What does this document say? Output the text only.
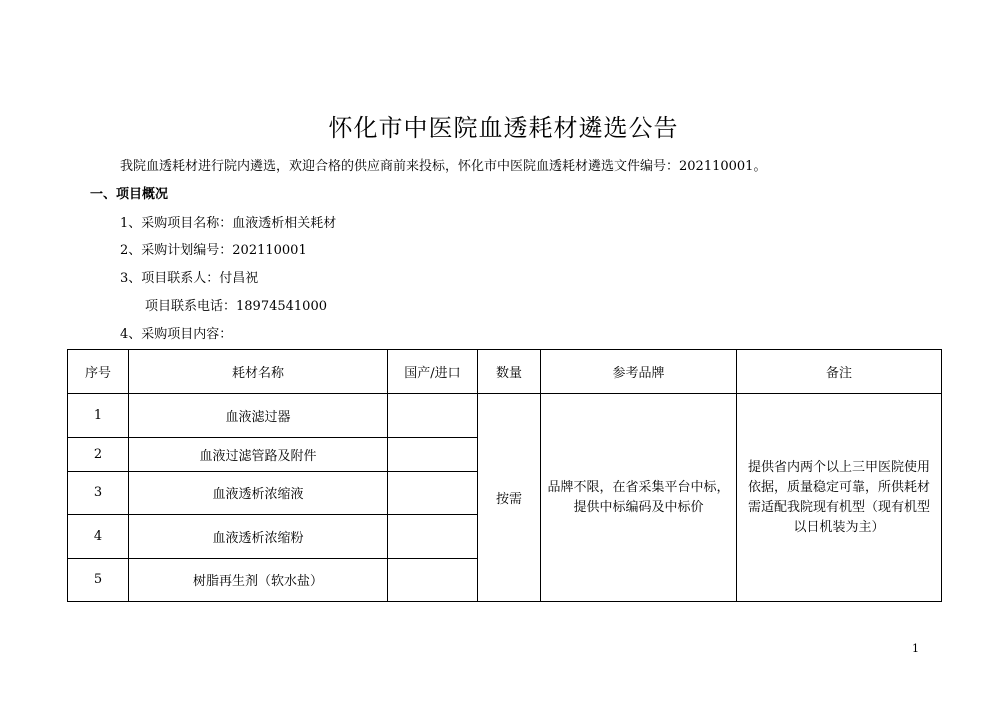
怀化市中医院血透耗材遴选公告
我院血透耗材进行院内遴选，欢迎合格的供应商前来投标，怀化市中医院血透耗材遴选文件编号：202110001。
一、项目概况
1、采购项目名称：血液透析相关耗材
2、采购计划编号：202110001
3、项目联系人：付昌祝
项目联系电话：18974541000
4、采购项目内容：
序号	耗材名称	国产/进口	数量	参考品牌	备注
1	血液滤过器		按需	品牌不限，在省采集平台中标，提供中标编码及中标价	提供省内两个以上三甲医院使用依据，质量稳定可靠，所供耗材需适配我院现有机型（现有机型以日机装为主）
2	血液过滤管路及附件				
3	血液透析浓缩液				
4	血液透析浓缩粉				
5	树脂再生剂（软水盐）				
1
